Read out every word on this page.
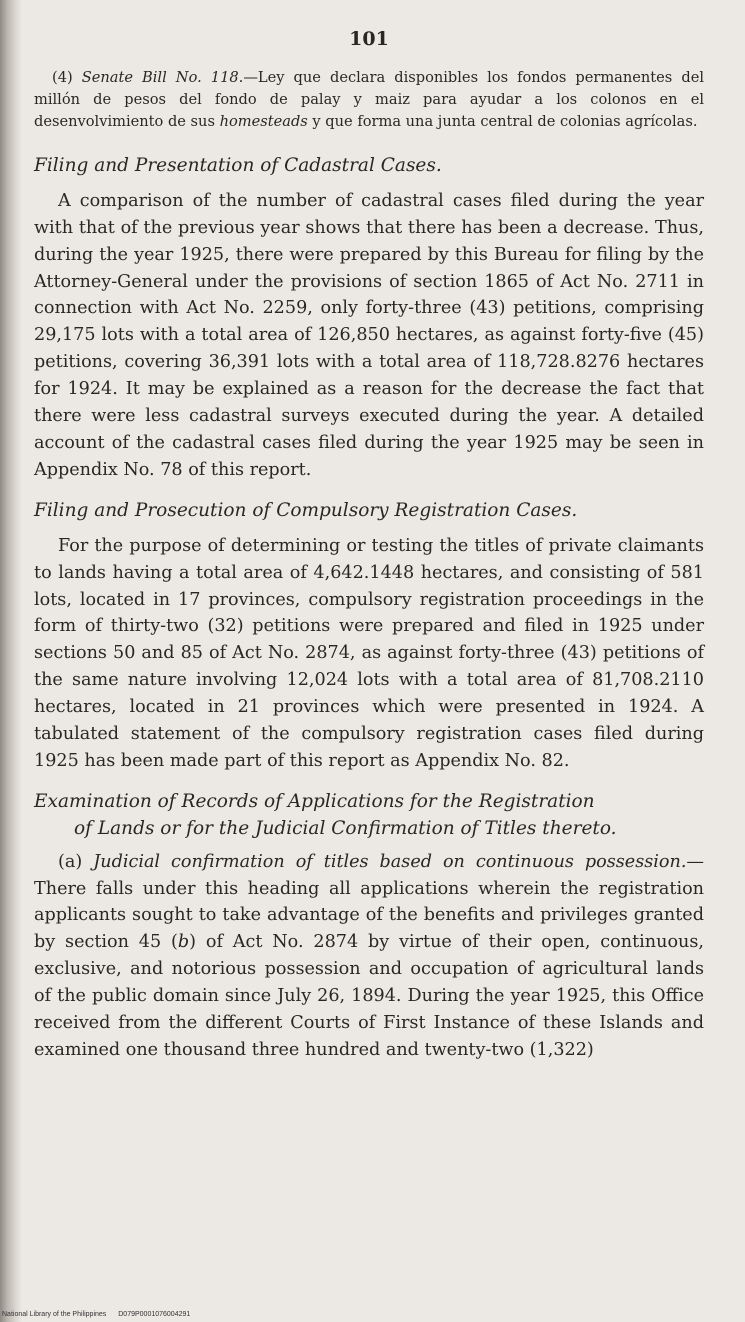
101

(4) Senate Bill No. 118.—Ley que declara disponibles los fondos permanentes del millón de pesos del fondo de palay y maiz para ayudar a los colonos en el desenvolvimiento de sus homesteads y que forma una junta central de colonias agrícolas.

Filing and Presentation of Cadastral Cases.

A comparison of the number of cadastral cases filed during the year with that of the previous year shows that there has been a decrease. Thus, during the year 1925, there were prepared by this Bureau for filing by the Attorney-General under the provisions of section 1865 of Act No. 2711 in connection with Act No. 2259, only forty-three (43) petitions, comprising 29,175 lots with a total area of 126,850 hectares, as against forty-five (45) petitions, covering 36,391 lots with a total area of 118,728.8276 hectares for 1924. It may be explained as a reason for the decrease the fact that there were less cadastral surveys executed during the year. A detailed account of the cadastral cases filed during the year 1925 may be seen in Appendix No. 78 of this report.

Filing and Prosecution of Compulsory Registration Cases.

For the purpose of determining or testing the titles of private claimants to lands having a total area of 4,642.1448 hectares, and consisting of 581 lots, located in 17 provinces, compulsory registration proceedings in the form of thirty-two (32) petitions were prepared and filed in 1925 under sections 50 and 85 of Act No. 2874, as against forty-three (43) petitions of the same nature involving 12,024 lots with a total area of 81,708.2110 hectares, located in 21 provinces which were presented in 1924. A tabulated statement of the compulsory registration cases filed during 1925 has been made part of this report as Appendix No. 82.

Examination of Records of Applications for the Registration
of Lands or for the Judicial Confirmation of Titles thereto.

(a) Judicial confirmation of titles based on continuous possession.—There falls under this heading all applications wherein the registration applicants sought to take advantage of the benefits and privileges granted by section 45 (b) of Act No. 2874 by virtue of their open, continuous, exclusive, and notorious possession and occupation of agricultural lands of the public domain since July 26, 1894. During the year 1925, this Office received from the different Courts of First Instance of these Islands and examined one thousand three hundred and twenty-two (1,322)

National Library of the Philippines D079P0001076004291
